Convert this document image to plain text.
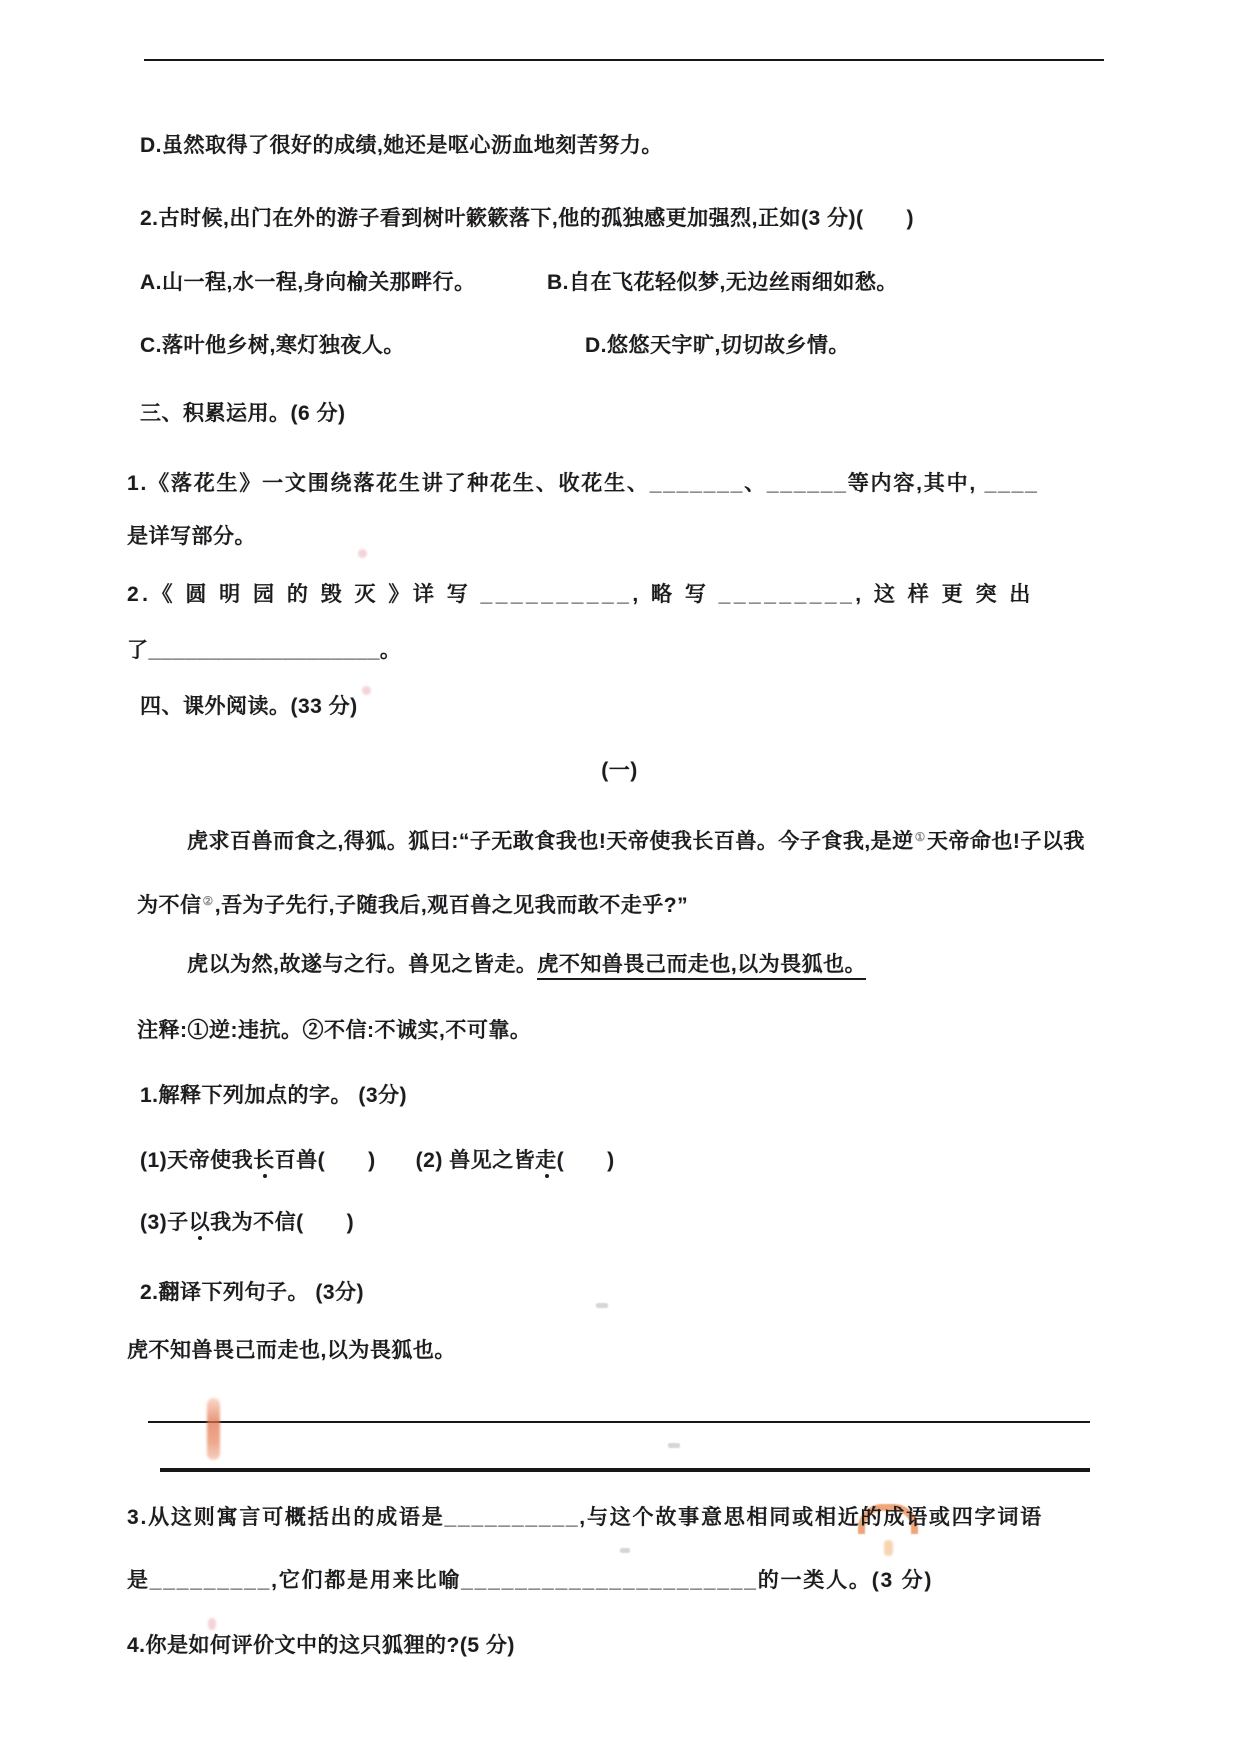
D.虽然取得了很好的成绩,她还是呕心沥血地刻苦努力。
2.古时候,出门在外的游子看到树叶簌簌落下,他的孤独感更加强烈,正如(3 分)(　　)
A.山一程,水一程,身向榆关那畔行。	B.自在飞花轻似梦,无边丝雨细如愁。
C.落叶他乡树,寒灯独夜人。	D.悠悠天宇旷,切切故乡情。
三、积累运用。(6 分)
1.《落花生》一文围绕落花生讲了种花生、收花生、_______、______等内容,其中, ____
是详写部分。
2.《 圆 明 园 的 毁 灭 》详 写 __________, 略 写 _________, 这 样 更 突 出
了___________________。
四、课外阅读。(33 分)
(一)
虎求百兽而食之,得狐。狐曰:“子无敢食我也!天帝使我长百兽。今子食我,是逆①天帝命也!子以我
为不信②,吾为子先行,子随我后,观百兽之见我而敢不走乎?”
虎以为然,故遂与之行。兽见之皆走。虎不知兽畏己而走也,以为畏狐也。
注释:①逆:违抗。②不信:不诚实,不可靠。
1.解释下列加点的字。 (3分)
(1)天帝使我长百兽(　　) (2) 兽见之皆走(　　)
(3)子以我为不信(　　)
2.翻译下列句子。 (3分)
虎不知兽畏己而走也,以为畏狐也。
3.从这则寓言可概括出的成语是__________,与这个故事意思相同或相近的成语或四字词语
是_________,它们都是用来比喻______________________的一类人。(3 分)
4.你是如何评价文中的这只狐狸的?(5 分)
